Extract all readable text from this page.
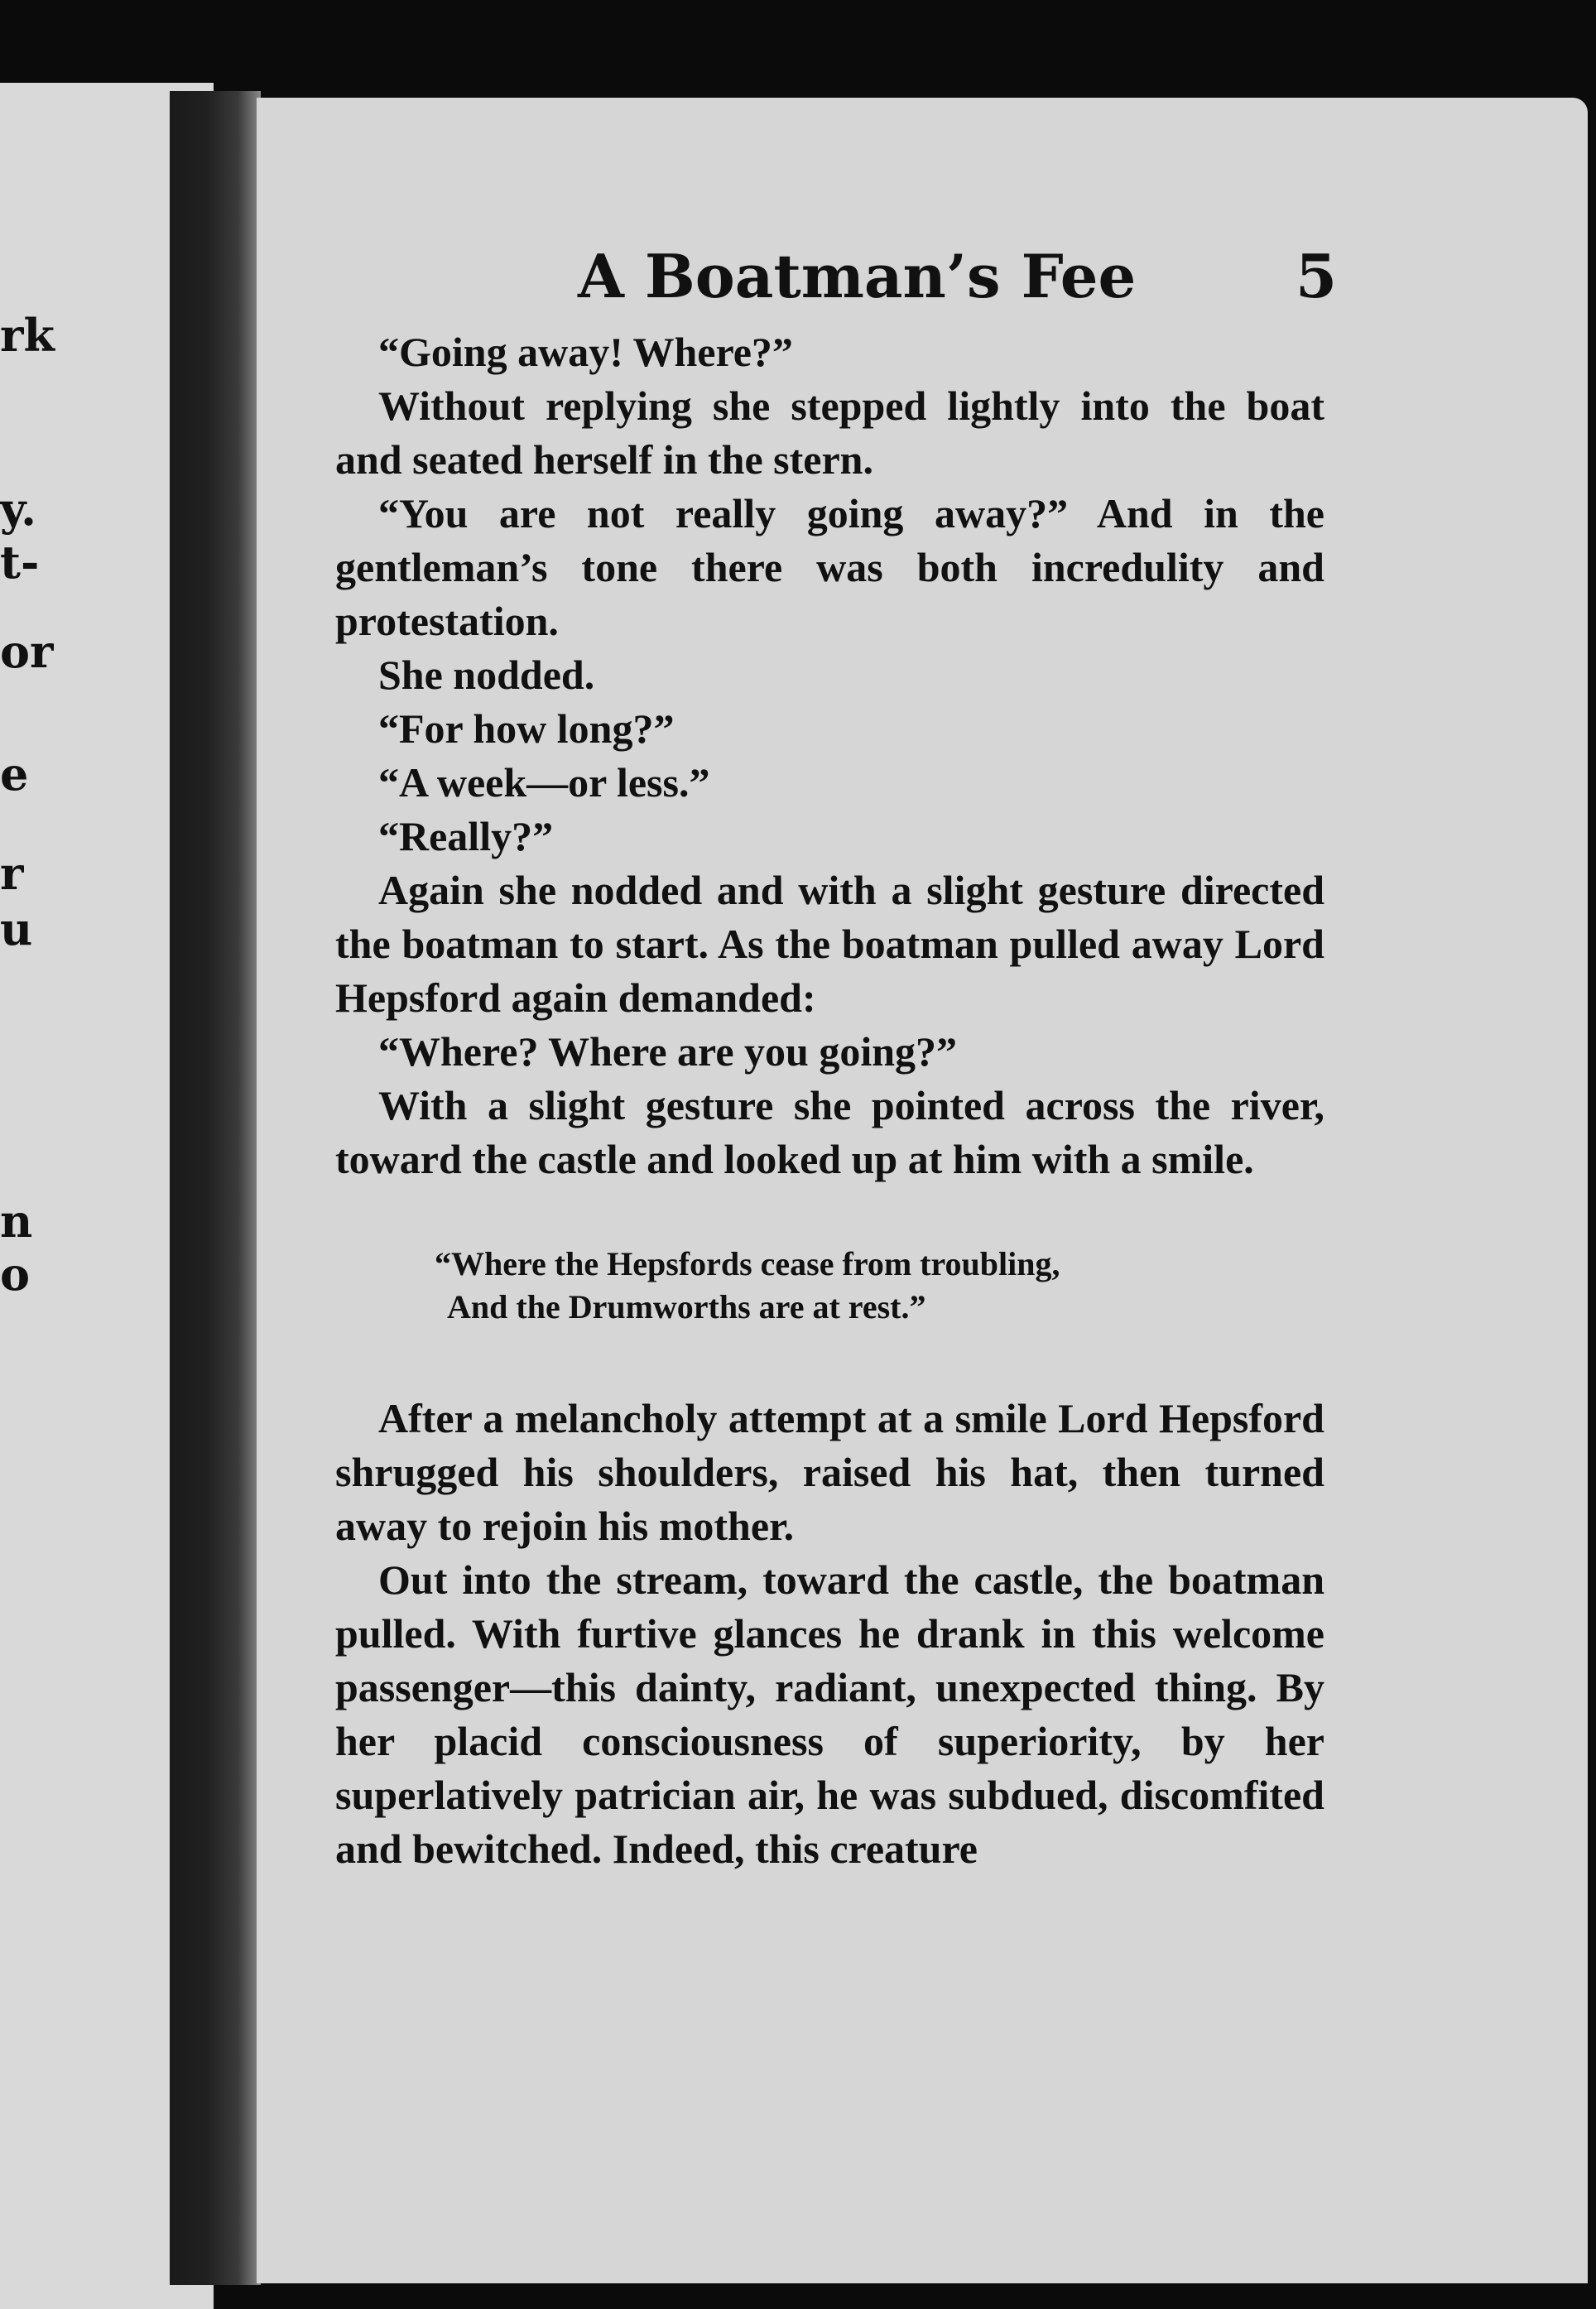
rk
y.
t-
or
e
r
u
n
o
A Boatman’s Fee	5

“Going away! Where?”

Without replying she stepped lightly into the boat and seated herself in the stern.

“You are not really going away?” And in the gentleman’s tone there was both incredulity and protestation.

She nodded.

“For how long?”

“A week—or less.”

“Really?”

Again she nodded and with a slight gesture directed the boatman to start. As the boatman pulled away Lord Hepsford again demanded:

“Where? Where are you going?”

With a slight gesture she pointed across the river, toward the castle and looked up at him with a smile.

“Where the Hepsfords cease from troubling,
And the Drumworths are at rest.”

After a melancholy attempt at a smile Lord Hepsford shrugged his shoulders, raised his hat, then turned away to rejoin his mother.

Out into the stream, toward the castle, the boatman pulled. With furtive glances he drank in this welcome passenger—this dainty, radiant, unexpected thing. By her placid consciousness of superiority, by her superlatively patrician air, he was subdued, discomfited and bewitched. Indeed, this creature
